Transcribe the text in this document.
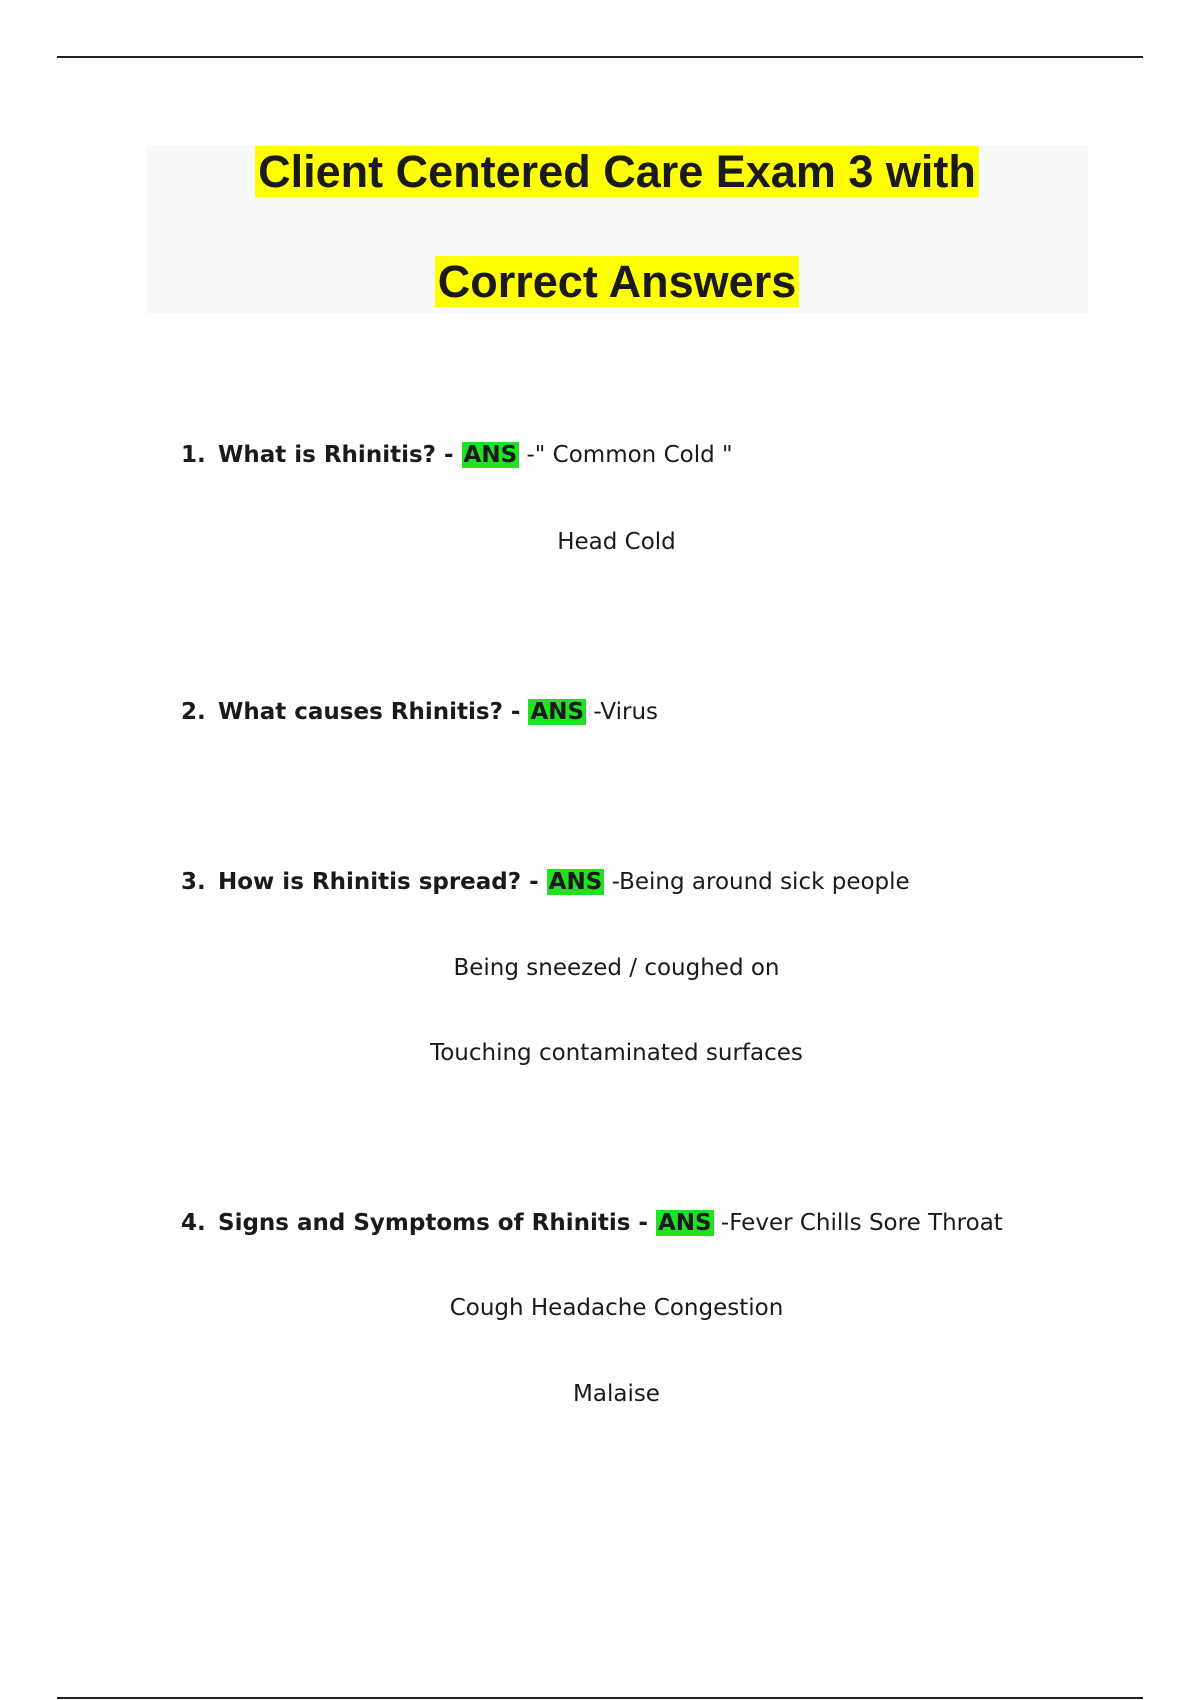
Client Centered Care Exam 3 with
Correct Answers
1. What is Rhinitis? - ANS -" Common Cold "
Head Cold
2. What causes Rhinitis? - ANS -Virus
3. How is Rhinitis spread? - ANS -Being around sick people
Being sneezed / coughed on
Touching contaminated surfaces
4. Signs and Symptoms of Rhinitis - ANS -Fever Chills Sore Throat
Cough Headache Congestion
Malaise
